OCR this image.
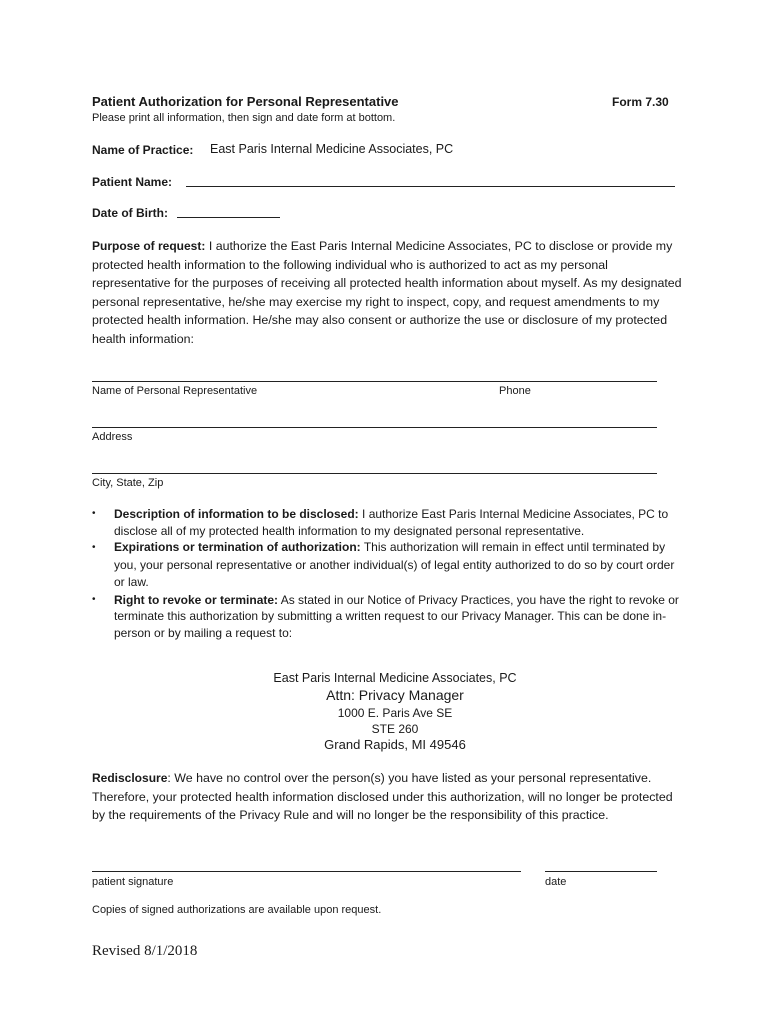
Patient Authorization for Personal Representative	Form 7.30
Please print all information, then sign and date form at bottom.
Name of Practice: East Paris Internal Medicine Associates, PC
Patient Name:
Date of Birth:
Purpose of request: I authorize the East Paris Internal Medicine Associates, PC to disclose or provide my protected health information to the following individual who is authorized to act as my personal representative for the purposes of receiving all protected health information about myself. As my designated personal representative, he/she may exercise my right to inspect, copy, and request amendments to my protected health information. He/she may also consent or authorize the use or disclosure of my protected health information:
Name of Personal Representative	Phone
Address
City, State, Zip
• Description of information to be disclosed: I authorize East Paris Internal Medicine Associates, PC to disclose all of my protected health information to my designated personal representative.
• Expirations or termination of authorization: This authorization will remain in effect until terminated by you, your personal representative or another individual(s) of legal entity authorized to do so by court order or law.
• Right to revoke or terminate: As stated in our Notice of Privacy Practices, you have the right to revoke or terminate this authorization by submitting a written request to our Privacy Manager. This can be done in-person or by mailing a request to:
East Paris Internal Medicine Associates, PC
Attn: Privacy Manager
1000 E. Paris Ave SE
STE 260
Grand Rapids, MI 49546
Redisclosure: We have no control over the person(s) you have listed as your personal representative. Therefore, your protected health information disclosed under this authorization, will no longer be protected by the requirements of the Privacy Rule and will no longer be the responsibility of this practice.
patient signature	date
Copies of signed authorizations are available upon request.
Revised 8/1/2018
